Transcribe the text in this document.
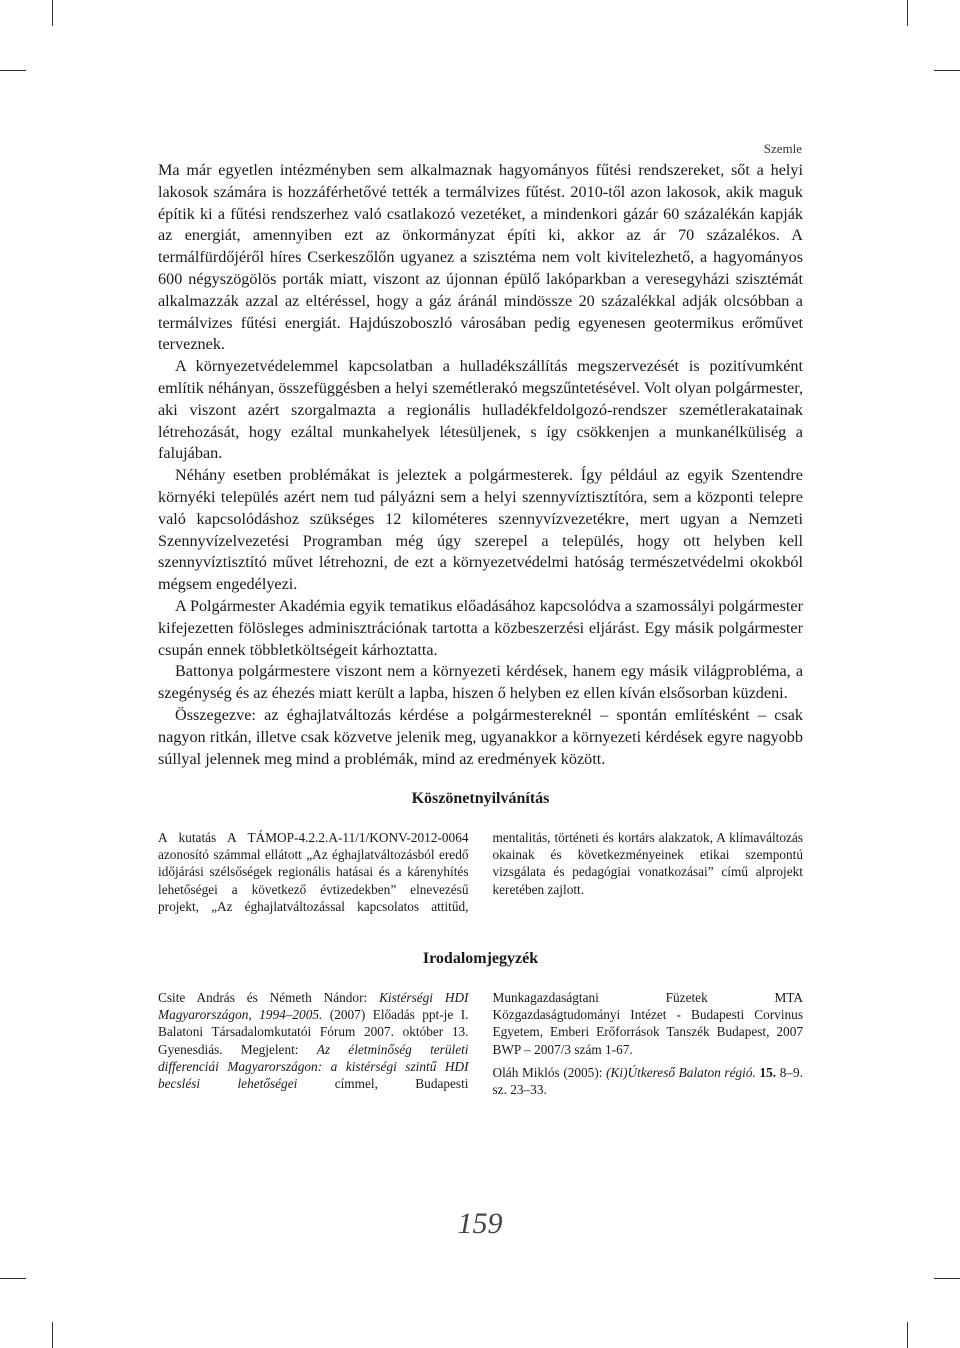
Szemle

Ma már egyetlen intézményben sem alkalmaznak hagyományos fűtési rendszereket, sőt a helyi lakosok számára is hozzáférhetővé tették a termálvizes fűtést. 2010-től azon lakosok, akik maguk építik ki a fűtési rendszerhez való csatlakozó vezetéket, a mindenkori gázár 60 százalékán kapják az energiát, amennyiben ezt az önkormányzat építi ki, akkor az ár 70 százalékos. A termálfürdőjéről híres Cserkeszőlőn ugyanez a szisztéma nem volt kivitelezhető, a hagyományos 600 négyszögölös porták miatt, viszont az újonnan épülő lakóparkban a veresegyházi szisztémát alkalmazzák azzal az eltéréssel, hogy a gáz áránál mindössze 20 százalékkal adják olcsóbban a termálvizes fűtési energiát. Hajdúszoboszló városában pedig egyenesen geotermikus erőművet terveznek.

A környezetvédelemmel kapcsolatban a hulladékszállítás megszervezését is pozitívumként említik néhányan, összefüggésben a helyi szemétlerakó megszűntetésével. Volt olyan polgármester, aki viszont azért szorgalmazta a regionális hulladékfeldolgozó-rendszer szemétlerakatainak létrehozását, hogy ezáltal munkahelyek létesüljenek, s így csökkenjen a munkanélküliség a falujában.

Néhány esetben problémákat is jeleztek a polgármesterek. Így például az egyik Szentendre környéki település azért nem tud pályázni sem a helyi szennyvíztisztítóra, sem a központi telepre való kapcsolódáshoz szükséges 12 kilométeres szennyvízvezetékre, mert ugyan a Nemzeti Szennyvízelvezetési Programban még úgy szerepel a település, hogy ott helyben kell szennyvíztisztító művet létrehozni, de ezt a környezetvédelmi hatóság természetvédelmi okokból mégsem engedélyezi.

A Polgármester Akadémia egyik tematikus előadásához kapcsolódva a szamossályi polgármester kifejezetten fölösleges adminisztrációnak tartotta a közbeszerzési eljárást. Egy másik polgármester csupán ennek többletköltségeit kárhoztatta.

Battonya polgármestere viszont nem a környezeti kérdések, hanem egy másik világprobléma, a szegénység és az éhezés miatt került a lapba, hiszen ő helyben ez ellen kíván elsősorban küzdeni.

Összegezve: az éghajlatváltozás kérdése a polgármestereknél – spontán említésként – csak nagyon ritkán, illetve csak közvetve jelenik meg, ugyanakkor a környezeti kérdések egyre nagyobb súllyal jelennek meg mind a problémák, mind az eredmények között.

Köszönetnyilvánítás

A kutatás A TÁMOP-4.2.2.A-11/1/KONV-2012-0064 azonosító számmal ellátott „Az éghajlatváltozásból eredő időjárási szélsőségek regionális hatásai és a kárenyhítés lehetőségei a következő évtizedekben” elnevezésű projekt, „Az éghajlatváltozással kapcsolatos attitűd, mentalitás, történeti és kortárs alakzatok, A klímaváltozás okainak és következményeinek etikai szempontú vizsgálata és pedagógiai vonatkozásai” című alprojekt keretében zajlott.

Irodalomjegyzék

Csite András és Németh Nándor: Kistérségi HDI Magyarországon, 1994–2005. (2007) Előadás ppt-je I. Balatoni Társadalomkutatói Fórum 2007. október 13. Gyenesdiás. Megjelent: Az életminőség területi differenciái Magyarországon: a kistérségi szintű HDI becslési lehetőségei címmel, Budapesti Munkagazdaságtani Füzetek MTA Közgazdaságtudományi Intézet - Budapesti Corvinus Egyetem, Emberi Erőforrások Tanszék Budapest, 2007 BWP – 2007/3 szám 1-67.

Oláh Miklós (2005): (Ki)Útkereső Balaton régió. 15. 8–9. sz. 23–33.

159
